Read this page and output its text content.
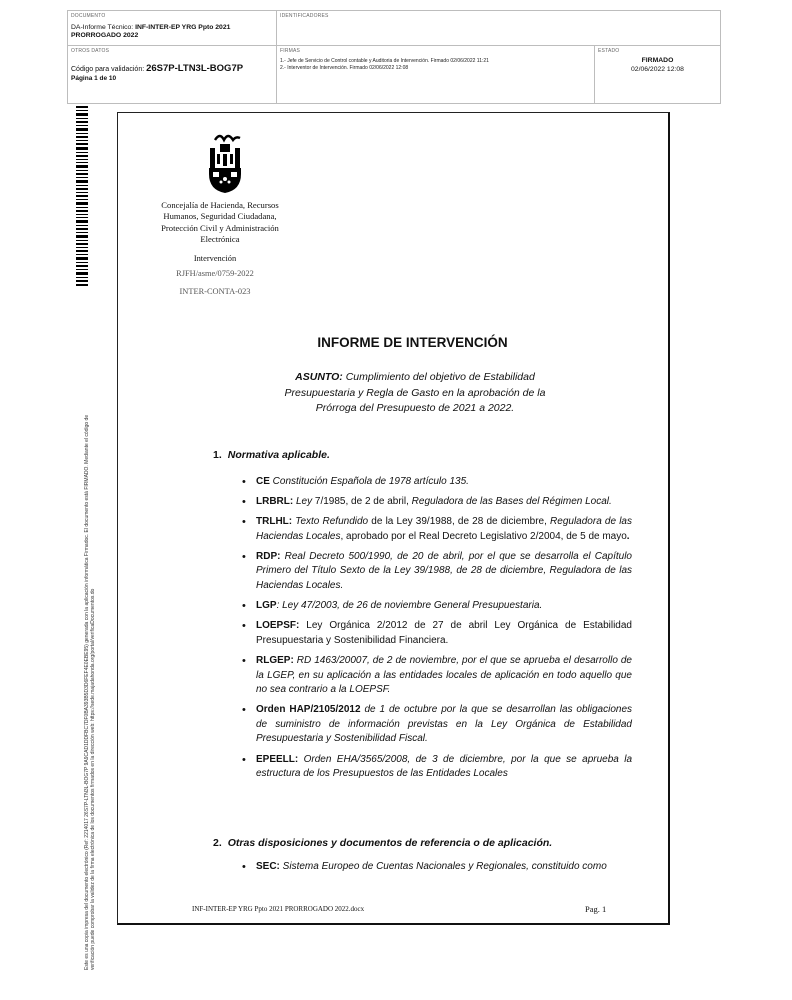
DOCUMENTO
DA-Informe Técnico: INF-INTER-EP YRG Ppto 2021 PRORROGADO 2022
IDENTIFICADORES
OTROS DATOS
Código para validación: 26S7P-LTN3L-BOG7P
Página 1 de 10
FIRMAS
1.- Jefe de Servicio de Control contable y Auditoria de Intervención. Firmado 02/06/2022 11:21
2.- Interventor de Intervención. Firmado 02/06/2022 12:08
ESTADO
FIRMADO
02/06/2022 12:08
Este es una copia impresa del documento electrónico (Ref: 2214017 26S7P-LTN3L-BOG7P 9A9CAD1DDFBC7DF0BA393B5D3D6FEF4E0EBE95) generada con la aplicación informática Firmadoc. El documento está FIRMADO. Mediante el código de verificación puede comprobar la validez de la firma electrónica de los documentos firmados en la dirección web: https://sede.majadahonda.org/portal/verificaDocumentos.do
Concejalía de Hacienda, Recursos Humanos, Seguridad Ciudadana, Protección Civil y Administración Electrónica
Intervención
RJFH/asme/0759-2022
INTER-CONTA-023
INFORME DE INTERVENCIÓN
ASUNTO: Cumplimiento del objetivo de Estabilidad Presupuestaria y Regla de Gasto en la aprobación de la Prórroga del Presupuesto de 2021 a 2022.
1. Normativa aplicable.
• CE Constitución Española de 1978 artículo 135.
• LRBRL: Ley 7/1985, de 2 de abril, Reguladora de las Bases del Régimen Local.
• TRLHL: Texto Refundido de la Ley 39/1988, de 28 de diciembre, Reguladora de las Haciendas Locales, aprobado por el Real Decreto Legislativo 2/2004, de 5 de mayo.
• RDP: Real Decreto 500/1990, de 20 de abril, por el que se desarrolla el Capítulo Primero del Título Sexto de la Ley 39/1988, de 28 de diciembre, Reguladora de las Haciendas Locales.
• LGP: Ley 47/2003, de 26 de noviembre General Presupuestaria.
• LOEPSF: Ley Orgánica 2/2012 de 27 de abril Ley Orgánica de Estabilidad Presupuestaria y Sostenibilidad Financiera.
• RLGEP: RD 1463/20007, de 2 de noviembre, por el que se aprueba el desarrollo de la LGEP, en su aplicación a las entidades locales de aplicación en todo aquello que no sea contrario a la LOEPSF.
• Orden HAP/2105/2012 de 1 de octubre por la que se desarrollan las obligaciones de suministro de información previstas en la Ley Orgánica de Estabilidad Presupuestaria y Sostenibilidad Fiscal.
• EPEELL: Orden EHA/3565/2008, de 3 de diciembre, por la que se aprueba la estructura de los Presupuestos de las Entidades Locales
2. Otras disposiciones y documentos de referencia o de aplicación.
• SEC: Sistema Europeo de Cuentas Nacionales y Regionales, constituido como
INF-INTER-EP YRG Ppto 2021 PRORROGADO 2022.docx	Pag. 1
